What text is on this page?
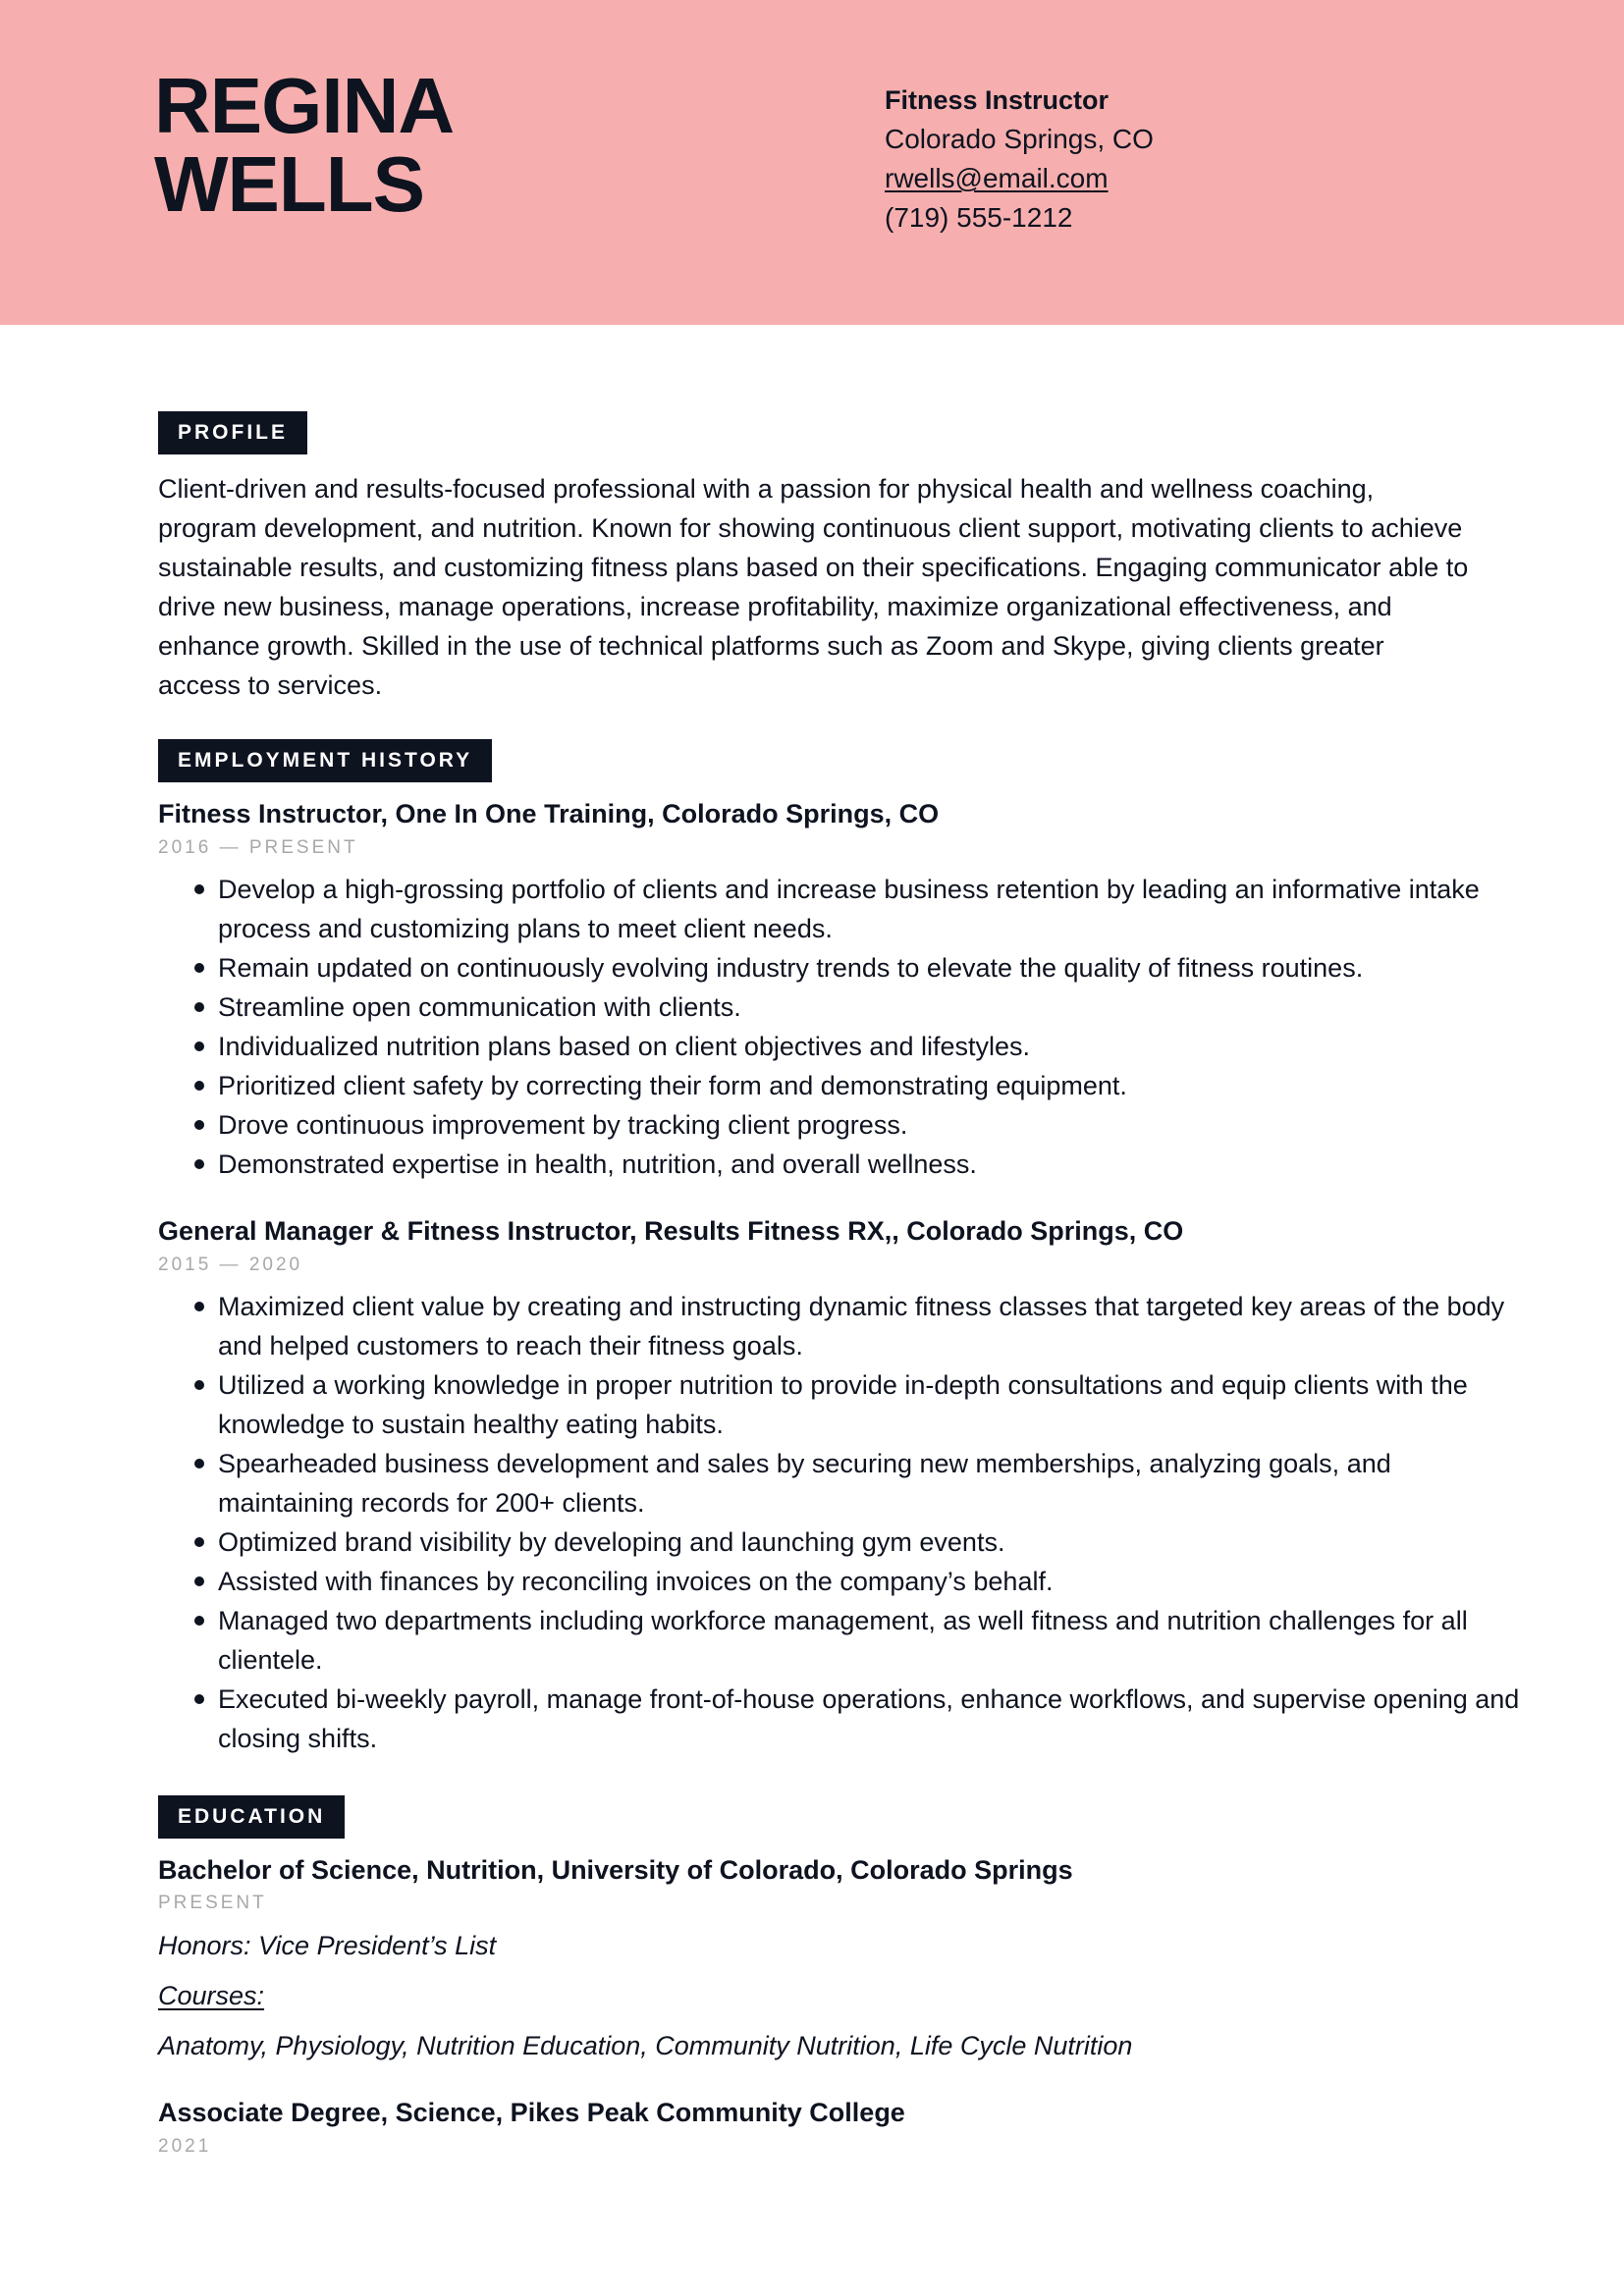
REGINA
WELLS
Fitness Instructor
Colorado Springs, CO
rwells@email.com
(719) 555-1212
PROFILE

Client-driven and results-focused professional with a passion for physical health and wellness coaching, program development, and nutrition. Known for showing continuous client support, motivating clients to achieve sustainable results, and customizing fitness plans based on their specifications. Engaging communicator able to drive new business, manage operations, increase profitability, maximize organizational effectiveness, and enhance growth. Skilled in the use of technical platforms such as Zoom and Skype, giving clients greater access to services.

EMPLOYMENT HISTORY
Fitness Instructor, One In One Training, Colorado Springs, CO
2016 — PRESENT
Develop a high-grossing portfolio of clients and increase business retention by leading an informative intake process and customizing plans to meet client needs.
Remain updated on continuously evolving industry trends to elevate the quality of fitness routines.
Streamline open communication with clients.
Individualized nutrition plans based on client objectives and lifestyles.
Prioritized client safety by correcting their form and demonstrating equipment.
Drove continuous improvement by tracking client progress.
Demonstrated expertise in health, nutrition, and overall wellness.
General Manager & Fitness Instructor, Results Fitness RX,, Colorado Springs, CO
2015 — 2020
Maximized client value by creating and instructing dynamic fitness classes that targeted key areas of the body and helped customers to reach their fitness goals.
Utilized a working knowledge in proper nutrition to provide in-depth consultations and equip clients with the knowledge to sustain healthy eating habits.
Spearheaded business development and sales by securing new memberships, analyzing goals, and maintaining records for 200+ clients.
Optimized brand visibility by developing and launching gym events.
Assisted with finances by reconciling invoices on the company’s behalf.
Managed two departments including workforce management, as well fitness and nutrition challenges for all clientele.
Executed bi-weekly payroll, manage front-of-house operations, enhance workflows, and supervise opening and closing shifts.
EDUCATION
Bachelor of Science, Nutrition, University of Colorado, Colorado Springs
PRESENT
Honors: Vice President’s List
Courses:
Anatomy, Physiology, Nutrition Education, Community Nutrition, Life Cycle Nutrition
Associate Degree, Science, Pikes Peak Community College
2021
